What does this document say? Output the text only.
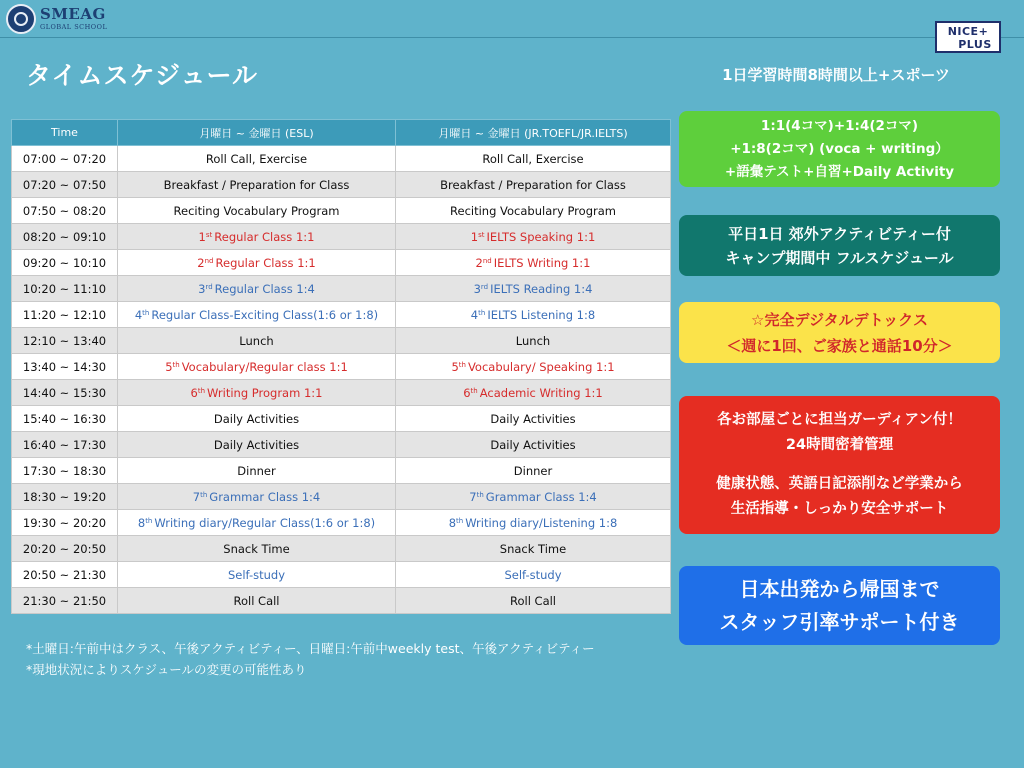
SMEAG
GLOBAL SCHOOL	NICE+
PLUS
タイムスケジュール	1日学習時間8時間以上+スポーツ
Time	月曜日 ~ 金曜日 (ESL)	月曜日 ~ 金曜日 (JR.TOEFL/JR.IELTS)
07:00 ~ 07:20	Roll Call, Exercise	Roll Call, Exercise
07:20 ~ 07:50	Breakfast / Preparation for Class	Breakfast / Preparation for Class
07:50 ~ 08:20	Reciting Vocabulary Program	Reciting Vocabulary Program
08:20 ~ 09:10	1st Regular Class 1:1	1st IELTS Speaking 1:1
09:20 ~ 10:10	2nd Regular Class 1:1	2nd IELTS Writing 1:1
10:20 ~ 11:10	3rd Regular Class 1:4	3rd IELTS Reading 1:4
11:20 ~ 12:10	4th Regular Class-Exciting Class(1:6 or 1:8)	4th IELTS Listening 1:8
12:10 ~ 13:40	Lunch	Lunch
13:40 ~ 14:30	5th Vocabulary/Regular class 1:1	5th Vocabulary/ Speaking 1:1
14:40 ~ 15:30	6th Writing Program 1:1	6th Academic Writing 1:1
15:40 ~ 16:30	Daily Activities	Daily Activities
16:40 ~ 17:30	Daily Activities	Daily Activities
17:30 ~ 18:30	Dinner	Dinner
18:30 ~ 19:20	7th Grammar Class 1:4	7th Grammar Class 1:4
19:30 ~ 20:20	8th Writing diary/Regular Class(1:6 or 1:8)	8th Writing diary/Listening 1:8
20:20 ~ 20:50	Snack Time	Snack Time
20:50 ~ 21:30	Self-study	Self-study
21:30 ~ 21:50	Roll Call	Roll Call
*土曜日:午前中はクラス、午後アクティビティー、日曜日:午前中weekly test、午後アクティビティー
*現地状況によりスケジュールの変更の可能性あり
1:1(4コマ)+1:4(2コマ)
+1:8(2コマ) (voca + writing）
+語彙テスト+自習+Daily Activity
平日1日 郊外アクティビティー付
キャンプ期間中 フルスケジュール
☆完全デジタルデトックス
＜週に1回、ご家族と通話10分＞
各お部屋ごとに担当ガーディアン付！
24時間密着管理
健康状態、英語日記添削など学業から
生活指導・しっかり安全サポート
日本出発から帰国まで
スタッフ引率サポート付き
